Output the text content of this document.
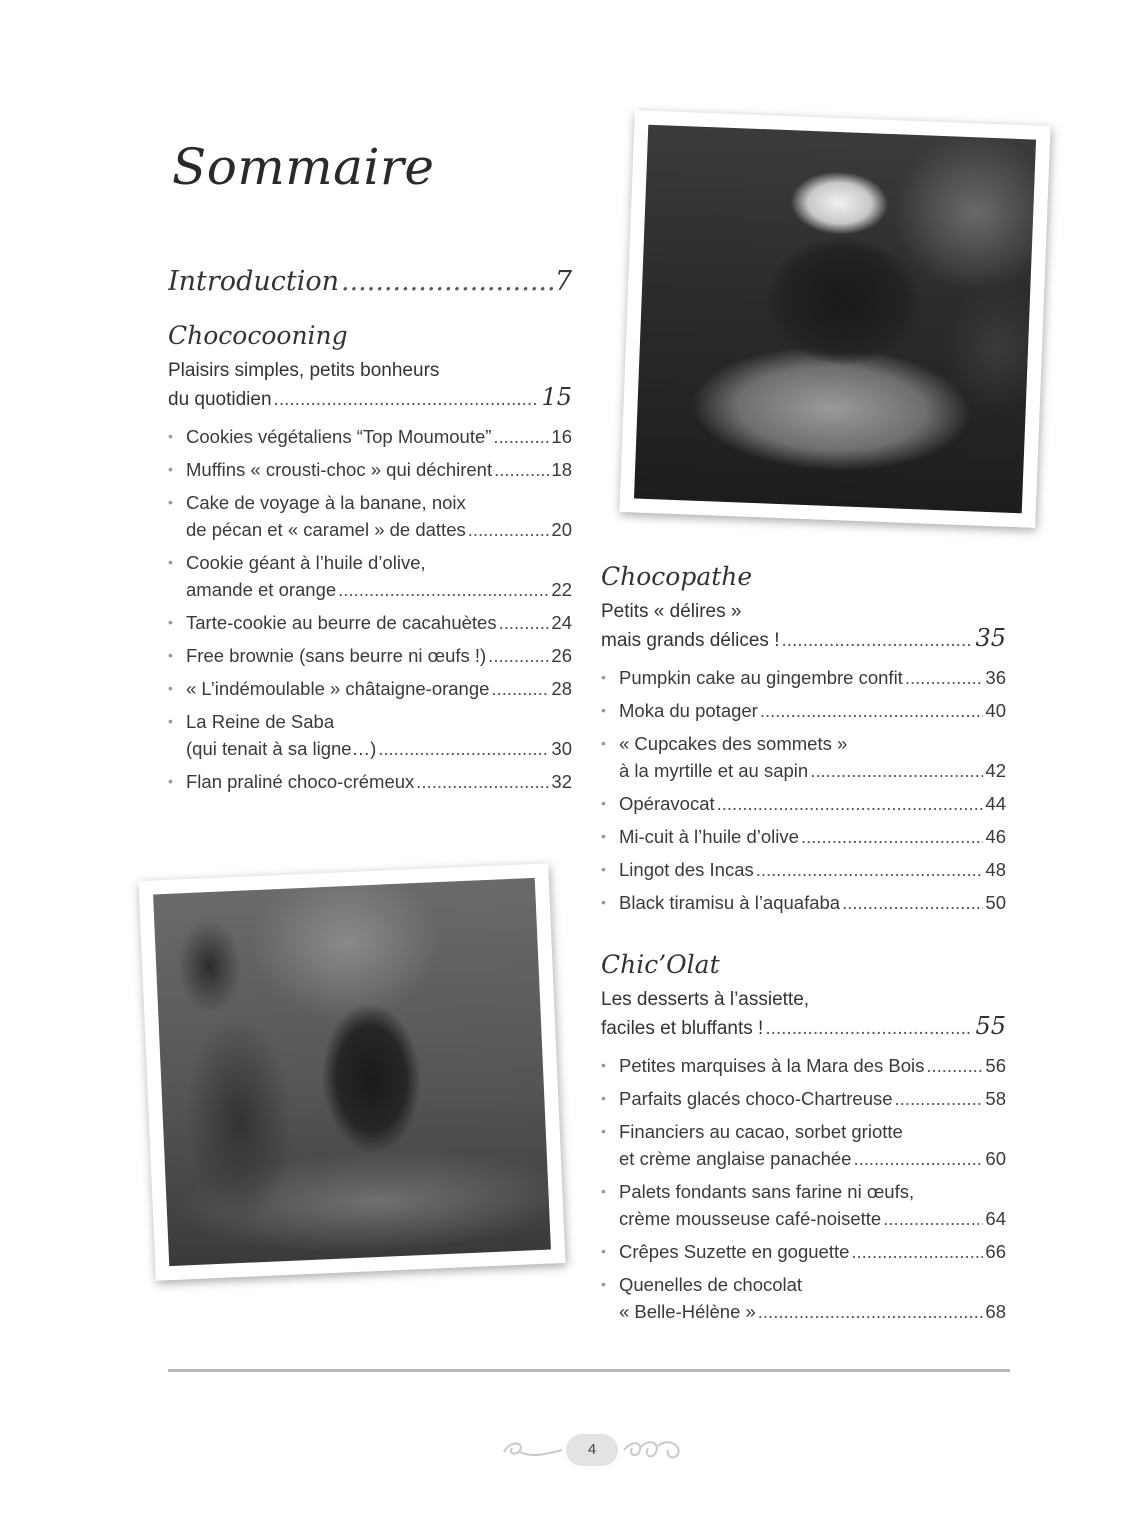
Sommaire
Introduction .....	7
Chococooning
Plaisirs simples, petits bonheurs
du quotidien .....	15
• Cookies végétaliens “Top Moumoute” .....	16
• Muffins « crousti-choc » qui déchirent .....	18
• Cake de voyage à la banane, noix
de pécan et « caramel » de dattes .....	20
• Cookie géant à l’huile d’olive,
amande et orange .....	22
• Tarte-cookie au beurre de cacahuètes .....	24
• Free brownie (sans beurre ni œufs !) .....	26
• « L’indémoulable » châtaigne-orange .....	28
• La Reine de Saba
(qui tenait à sa ligne…) .....	30
• Flan praliné choco-crémeux .....	32
Chocopathe
Petits « délires »
mais grands délices ! .....	35
• Pumpkin cake au gingembre confit .....	36
• Moka du potager .....	40
• « Cupcakes des sommets »
à la myrtille et au sapin .....	42
• Opéravocat .....	44
• Mi-cuit à l’huile d’olive .....	46
• Lingot des Incas .....	48
• Black tiramisu à l’aquafaba .....	50
Chic’Olat
Les desserts à l’assiette,
faciles et bluffants ! .....	55
• Petites marquises à la Mara des Bois .....	56
• Parfaits glacés choco-Chartreuse .....	58
• Financiers au cacao, sorbet griotte
et crème anglaise panachée .....	60
• Palets fondants sans farine ni œufs,
crème mousseuse café-noisette .....	64
• Crêpes Suzette en goguette .....	66
• Quenelles de chocolat
« Belle-Hélène » .....	68
4
